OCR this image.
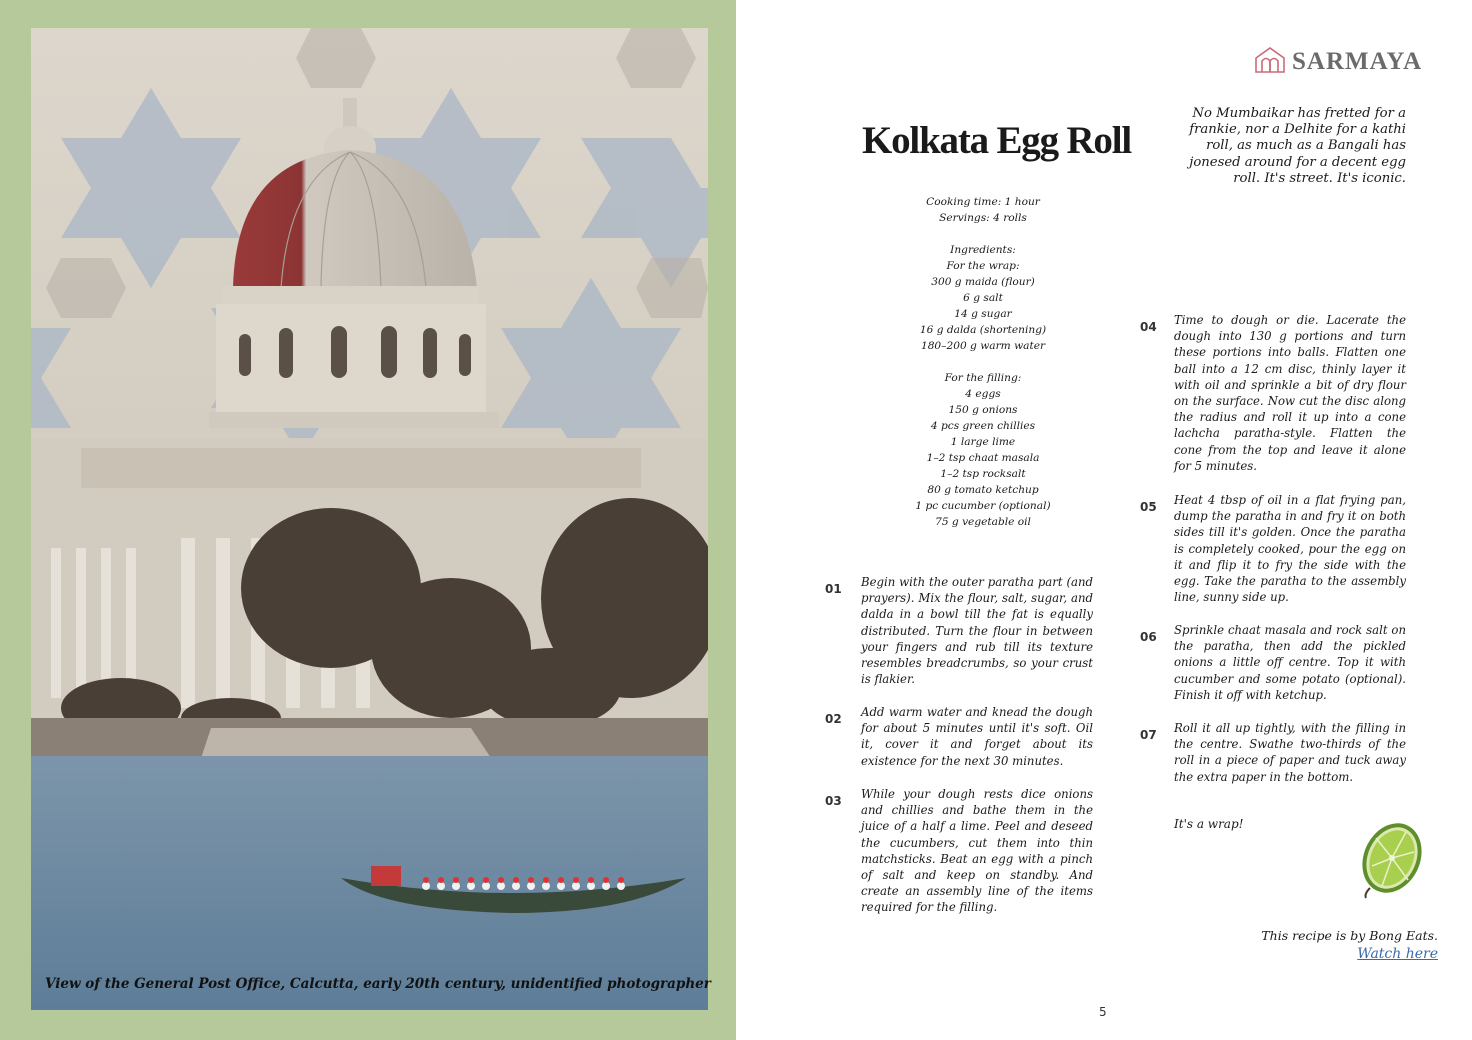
View of the General Post Office, Calcutta, early 20th century, unidentified photographer
SARMAYA
Kolkata Egg Roll

No Mumbaikar has fretted for a frankie, nor a Delhite for a kathi roll, as much as a Bangali has jonesed around for a decent egg roll. It's street. It's iconic.

Cooking time: 1 hour
Servings: 4 rolls
Ingredients:
For the wrap:
300 g maida (flour)
6 g salt
14 g sugar
16 g dalda (shortening)
180–200 g warm water
For the filling:
4 eggs
150 g onions
4 pcs green chillies
1 large lime
1–2 tsp chaat masala
1–2 tsp rocksalt
80 g tomato ketchup
1 pc cucumber (optional)
75 g vegetable oil
01 Begin with the outer paratha part (and prayers). Mix the flour, salt, sugar, and dalda in a bowl till the fat is equally distributed. Turn the flour in between your fingers and rub till its texture resembles breadcrumbs, so your crust is flakier.

02 Add warm water and knead the dough for about 5 minutes until it's soft. Oil it, cover it and forget about its existence for the next 30 minutes.

03 While your dough rests dice onions and chillies and bathe them in the juice of a half a lime. Peel and deseed the cucumbers, cut them into thin matchsticks. Beat an egg with a pinch of salt and keep on standby. And create an assembly line of the items required for the filling.

04 Time to dough or die. Lacerate the dough into 130 g portions and turn these portions into balls. Flatten one ball into a 12 cm disc, thinly layer it with oil and sprinkle a bit of dry flour on the surface. Now cut the disc along the radius and roll it up into a cone lachcha paratha-style. Flatten the cone from the top and leave it alone for 5 minutes.

05 Heat 4 tbsp of oil in a flat frying pan, dump the paratha in and fry it on both sides till it's golden. Once the paratha is completely cooked, pour the egg on it and flip it to fry the side with the egg. Take the paratha to the assembly line, sunny side up.

06 Sprinkle chaat masala and rock salt on the paratha, then add the pickled onions a little off centre. Top it with cucumber and some potato (optional). Finish it off with ketchup.

07 Roll it all up tightly, with the filling in the centre. Swathe two-thirds of the roll in a piece of paper and tuck away the extra paper in the bottom.

It's a wrap!

This recipe is by Bong Eats.
Watch here
5
